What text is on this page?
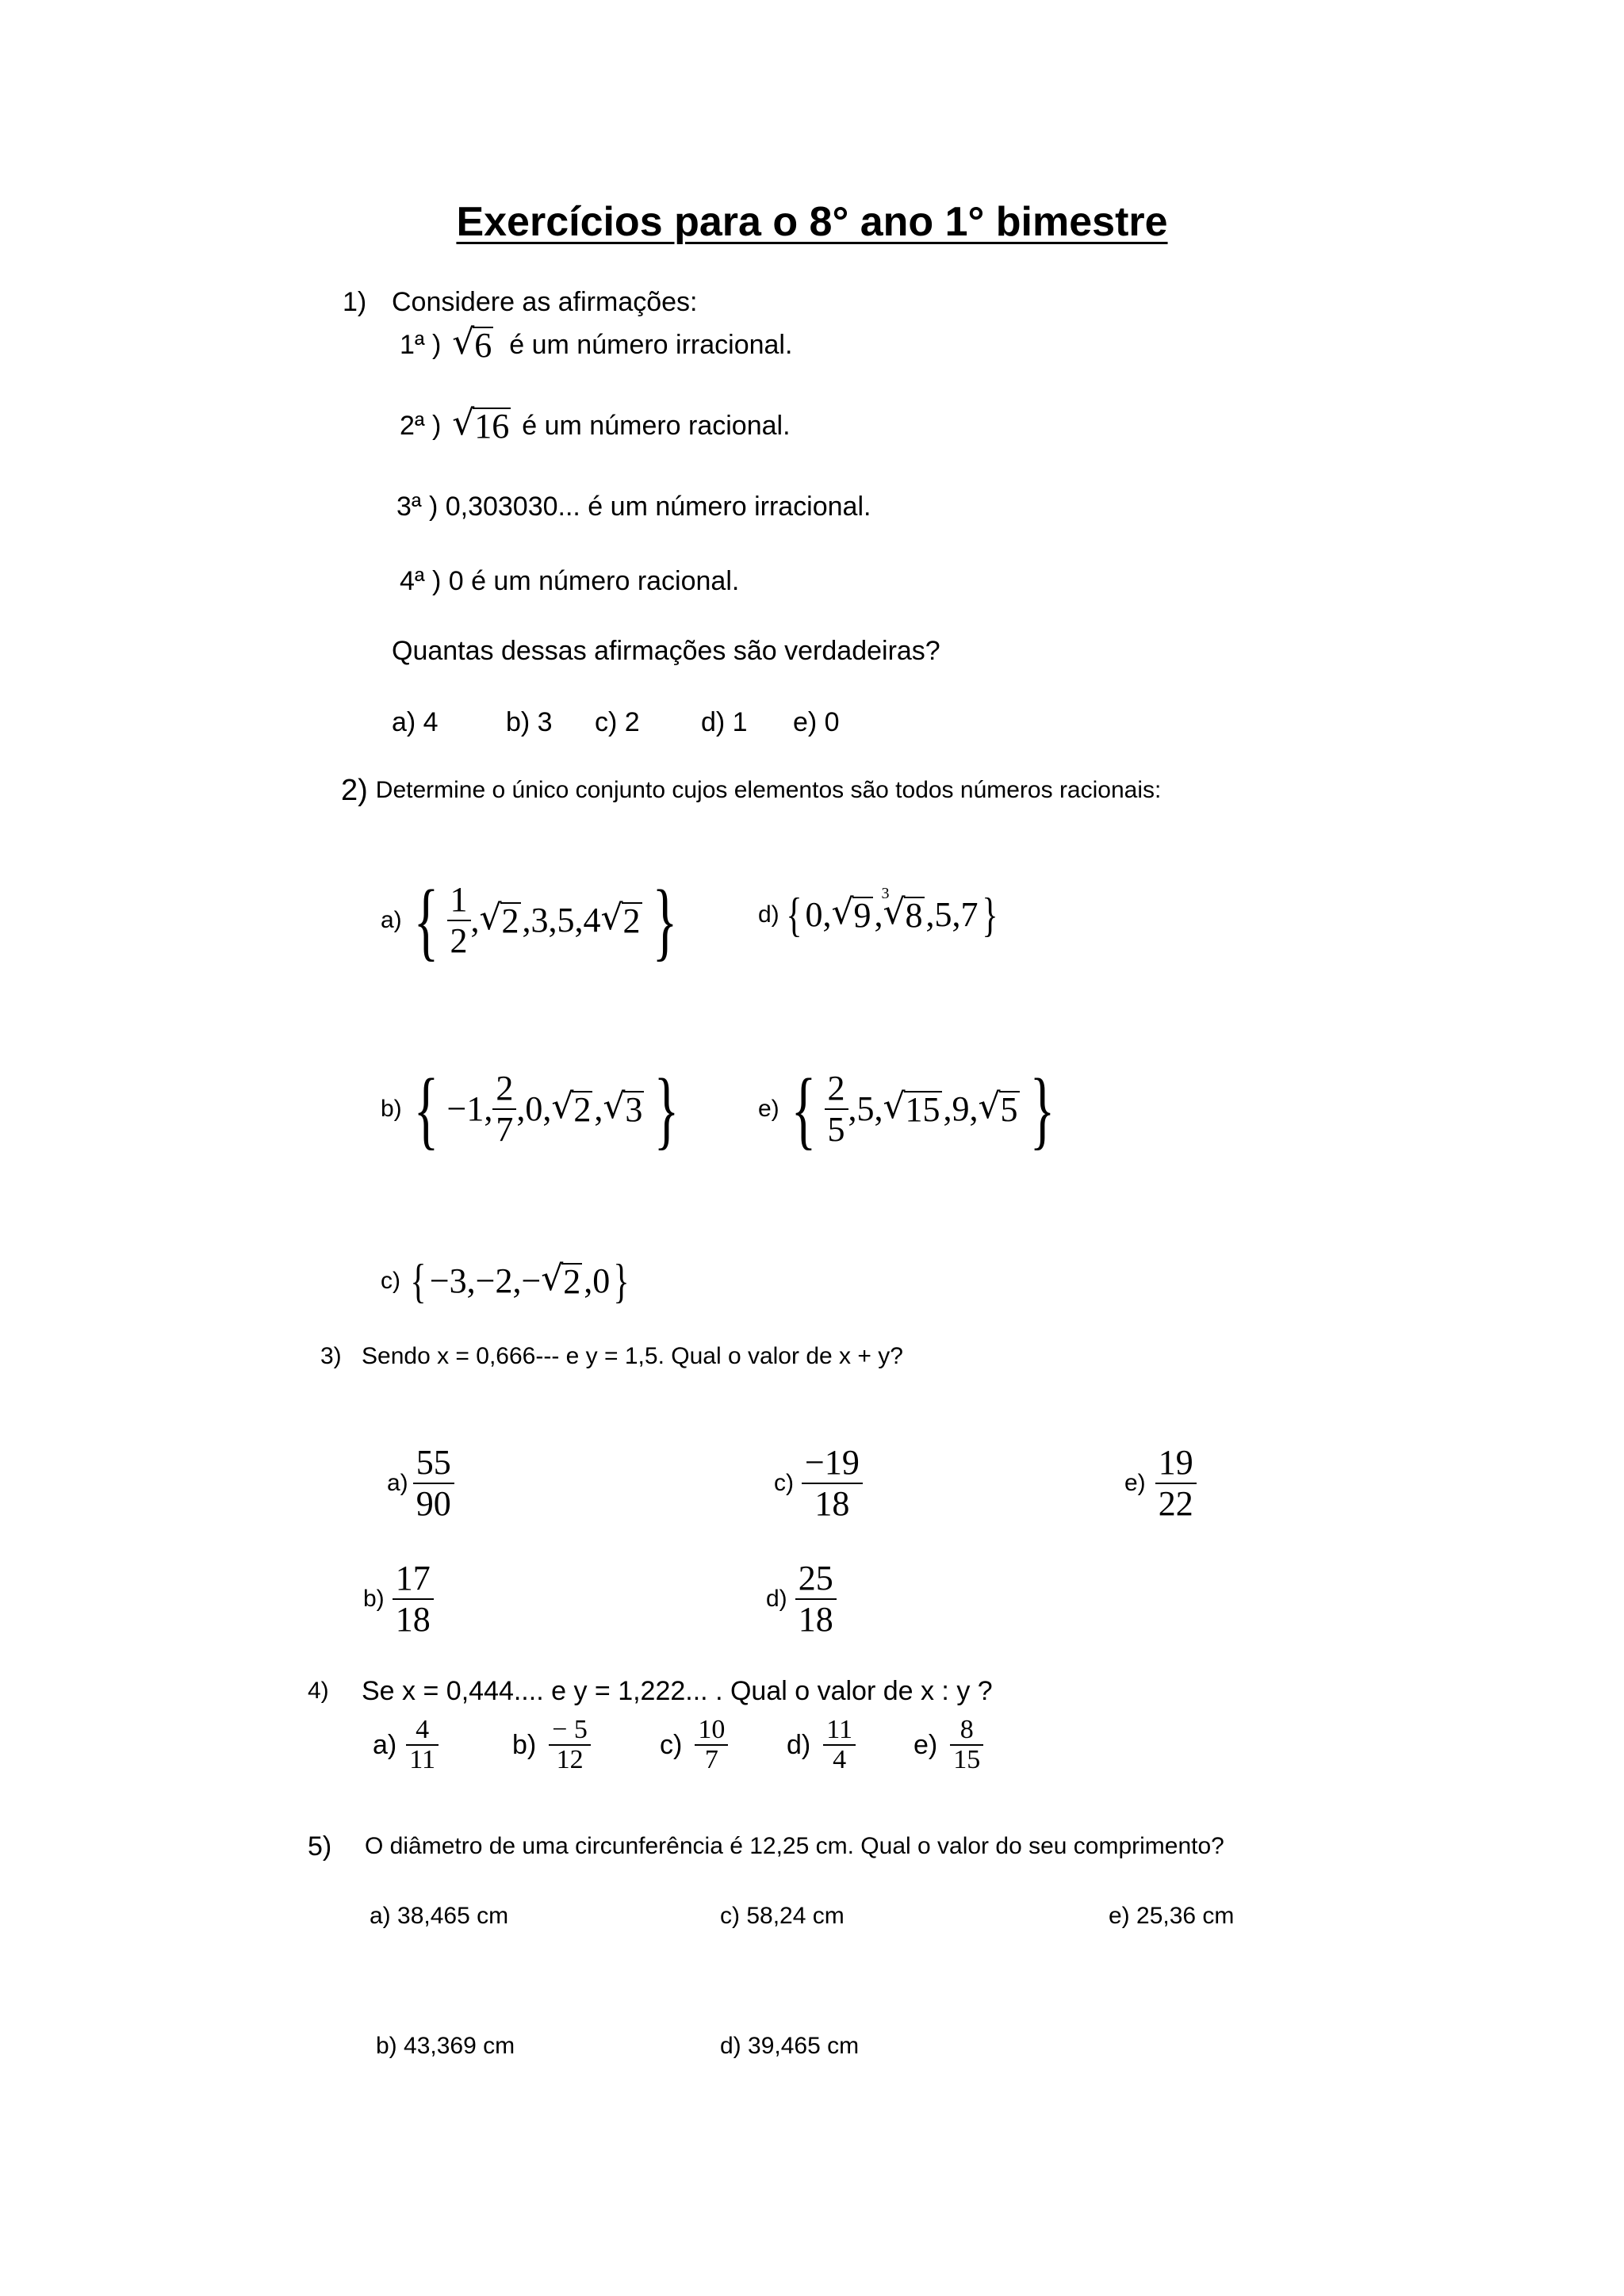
Exercícios para o 8° ano 1° bimestre
1) Considere as afirmações:
1ª ) √ 6 é um número irracional.
2ª ) √ 16 é um número racional.
3ª ) 0,303030... é um número irracional.
4ª ) 0 é um número racional.
Quantas dessas afirmações são verdadeiras?
a) 4	b) 3 c) 2 d) 1 e) 0
2) Determine o único conjunto cujos elementos são todos números racionais:
a) { $\frac{1}{2}$ , √ 2 ,3,5,4 √ 2 }	d) { 0, √ 9 ,
√ 3
8 ,5,7 }
b) { −1, $\frac{2}{7} ,0$, √ 2 , √ 3 }	e) { $\frac{2}{5} ,5$, √ 15 ,9, √ 5 }
c) { −3,−2,− √ 2 ,0 }
3) Sendo x = 0,666--- e y = 1,5. Qual o valor de x + y?
$a) \frac{55}{90}$
$b) \frac{17}{18}$
$c) \frac{-19}{18}$
$d) \frac{25}{18}$
$e) \frac{19}{22}$
4) Se x = 0,444.... e y = 1,222... . Qual o valor de x : y ?
$a) \frac{4}{11}$	$b) \frac{- 5}{12}$	$c) \frac{10}{7} d) \frac{11}{4} e) \frac{8}{15}$
5) O diâmetro de uma circunferência é 12,25 cm. Qual o valor do seu comprimento?
a) 38,465 cm	c) 58,24 cm	e) 25,36 cm
b) 43,369 cm	d) 39,465 cm
